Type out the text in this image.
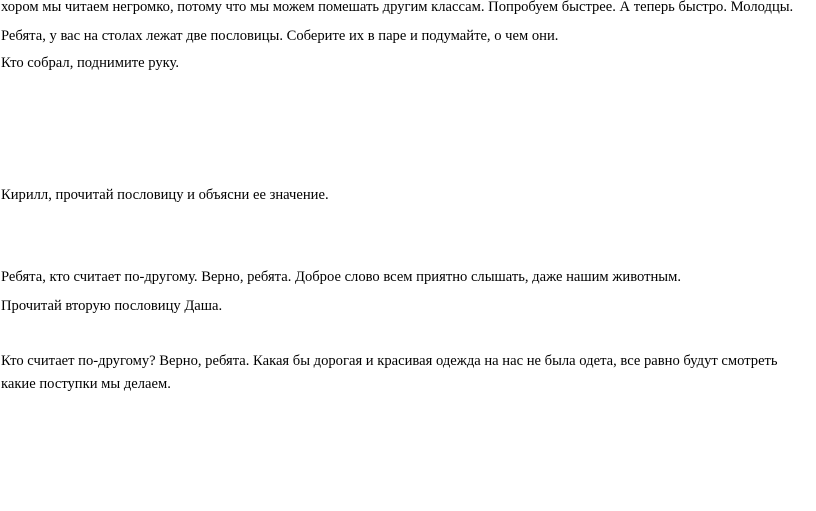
хором мы читаем негромко, потому что мы можем помешать другим классам. Попробуем быстрее. А теперь быстро. Молодцы.

Ребята, у вас на столах лежат две пословицы. Соберите их в паре и подумайте, о чем они.

Кто собрал, поднимите руку.

Кирилл, прочитай пословицу и объясни ее значение.

Ребята, кто считает по-другому. Верно, ребята. Доброе слово всем приятно слышать, даже нашим животным.

Прочитай вторую пословицу Даша.

Кто считает по-другому? Верно, ребята. Какая бы дорогая и красивая одежда на нас не была одета, все равно будут смотреть какие поступки мы делаем.
